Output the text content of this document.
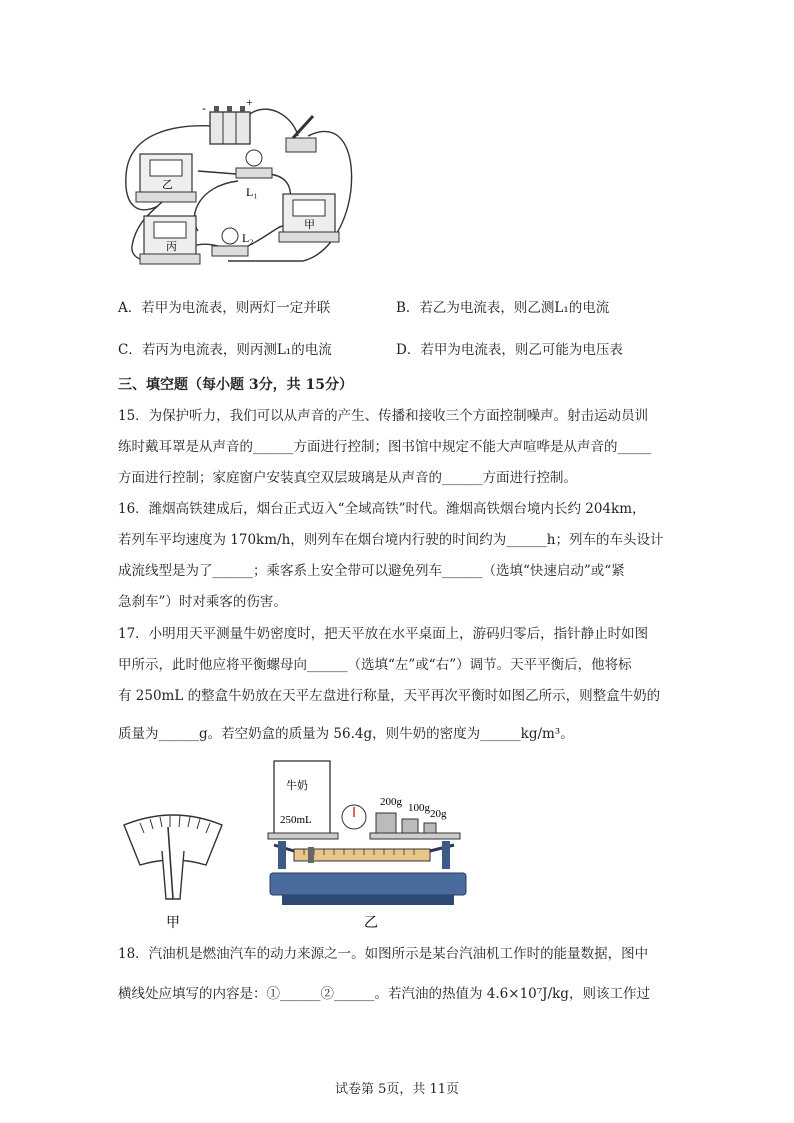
-	+
乙	L₁
甲
丙
L₂
A．若甲为电流表，则两灯一定并联	B．若乙为电流表，则乙测L₁的电流
C．若丙为电流表，则丙测L₁的电流	D．若甲为电流表，则乙可能为电压表
三、填空题（每小题 3分，共 15分）
15．为保护听力，我们可以从声音的产生、传播和接收三个方面控制噪声。射击运动员训
练时戴耳罩是从声音的______方面进行控制；图书馆中规定不能大声喧哗是从声音的_____
方面进行控制；家庭窗户安装真空双层玻璃是从声音的______方面进行控制。
16．潍烟高铁建成后，烟台正式迈入“全域高铁”时代。潍烟高铁烟台境内长约 204km，
若列车平均速度为 170km/h，则列车在烟台境内行驶的时间约为______h；列车的车头设计
成流线型是为了______；乘客系上安全带可以避免列车______（选填“快速启动”或“紧
急刹车”）时对乘客的伤害。
17．小明用天平测量牛奶密度时，把天平放在水平桌面上，游码归零后，指针静止时如图
甲所示，此时他应将平衡螺母向______（选填“左”或“右”）调节。天平平衡后，他将标
有 250mL 的整盒牛奶放在天平左盘进行称量，天平再次平衡时如图乙所示，则整盒牛奶的
质量为______g。若空奶盒的质量为 56.4g，则牛奶的密度为______kg/m³。
甲
牛奶
250mL
200g 100g 20g
乙
18．汽油机是燃油汽车的动力来源之一。如图所示是某台汽油机工作时的能量数据，图中
横线处应填写的内容是：①______②______。若汽油的热值为 4.6×10⁷J/kg，则该工作过
试卷第 5页，共 11页
